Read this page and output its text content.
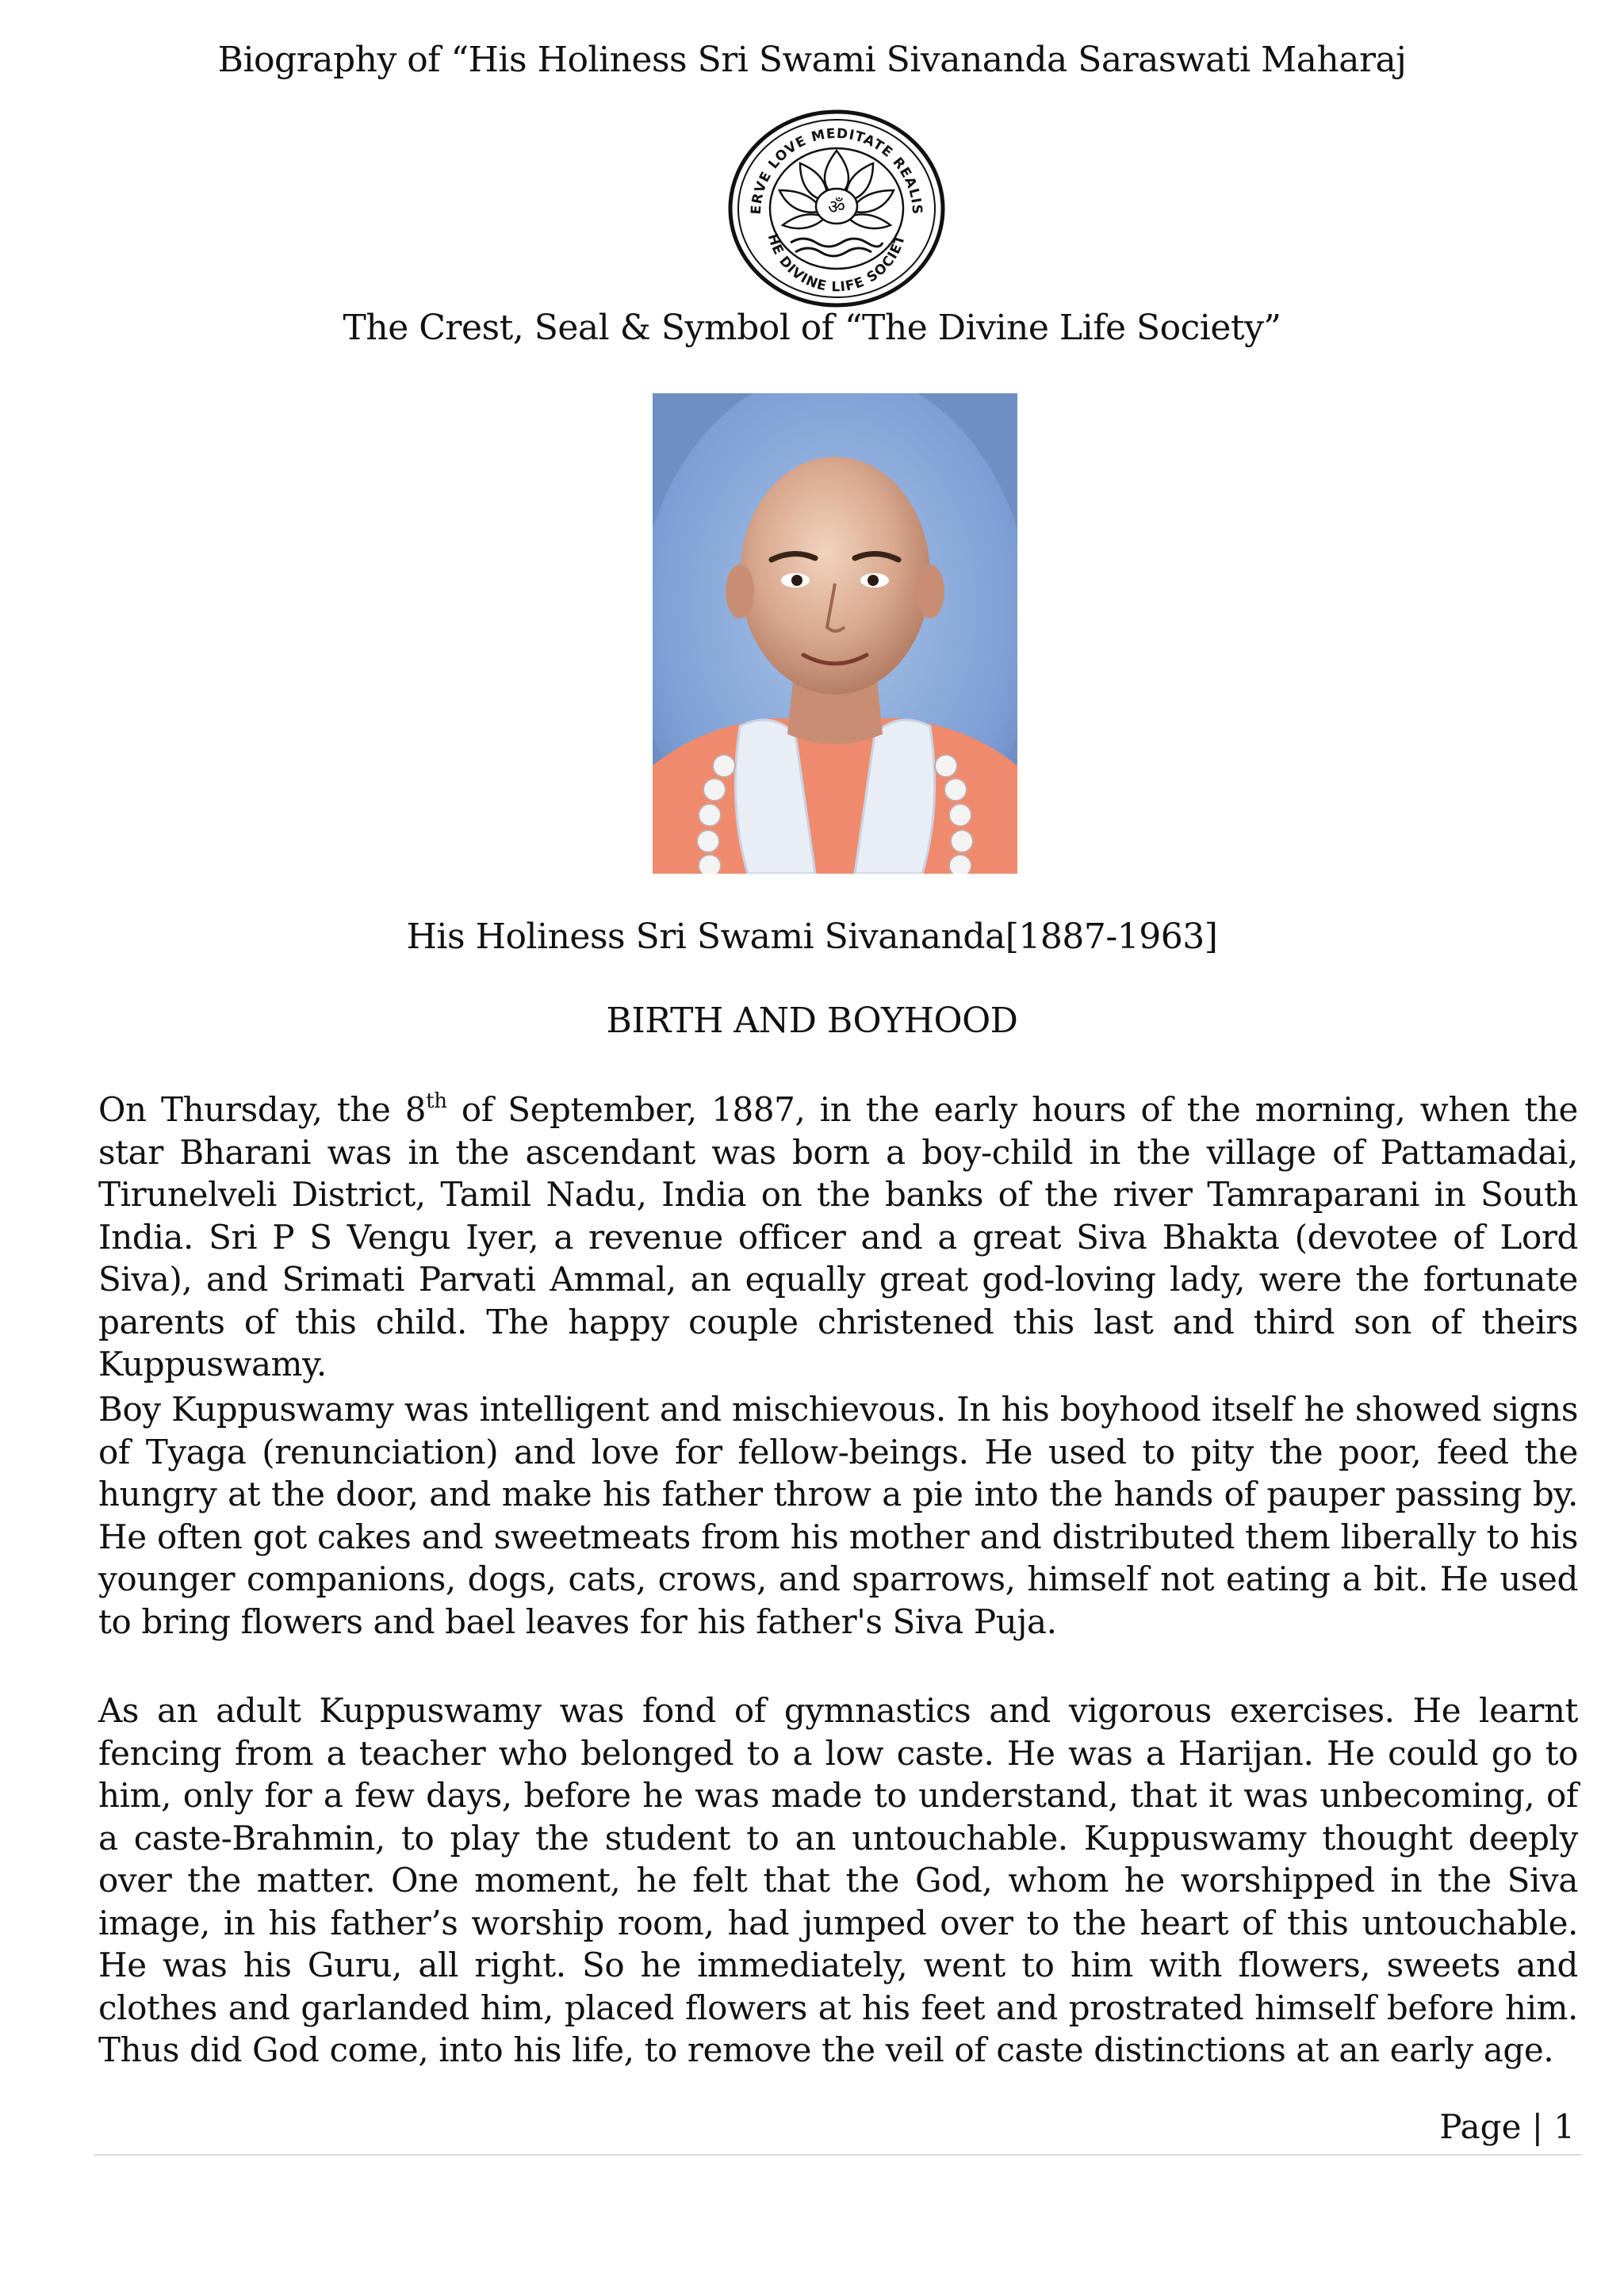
Biography of “His Holiness Sri Swami Sivananda Saraswati Maharaj
ॐ
ERVE LOVE MEDITATE REALIS
HE DIVINE LIFE SOCIET
The Crest, Seal & Symbol of “The Divine Life Society”
His Holiness Sri Swami Sivananda[1887-1963]
BIRTH AND BOYHOOD

On Thursday, the 8th of September, 1887, in the early hours of the morning, when the star Bharani was in the ascendant was born a boy-child in the village of Pattamadai, Tirunelveli District, Tamil Nadu, India on the banks of the river Tamraparani in South India. Sri P S Vengu Iyer, a revenue officer and a great Siva Bhakta (devotee of Lord Siva), and Srimati Parvati Ammal, an equally great god-loving lady, were the fortunate parents of this child. The happy couple christened this last and third son of theirs Kuppuswamy.

Boy Kuppuswamy was intelligent and mischievous. In his boyhood itself he showed signs of Tyaga (renunciation) and love for fellow-beings. He used to pity the poor, feed the hungry at the door, and make his father throw a pie into the hands of pauper passing by. He often got cakes and sweetmeats from his mother and distributed them liberally to his younger companions, dogs, cats, crows, and sparrows, himself not eating a bit. He used to bring flowers and bael leaves for his father's Siva Puja.

As an adult Kuppuswamy was fond of gymnastics and vigorous exercises. He learnt fencing from a teacher who belonged to a low caste. He was a Harijan. He could go to him, only for a few days, before he was made to understand, that it was unbecoming, of a caste-Brahmin, to play the student to an untouchable. Kuppuswamy thought deeply over the matter. One moment, he felt that the God, whom he worshipped in the Siva image, in his father’s worship room, had jumped over to the heart of this untouchable. He was his Guru, all right. So he immediately, went to him with flowers, sweets and clothes and garlanded him, placed flowers at his feet and prostrated himself before him. Thus did God come, into his life, to remove the veil of caste distinctions at an early age.

Page | 1
